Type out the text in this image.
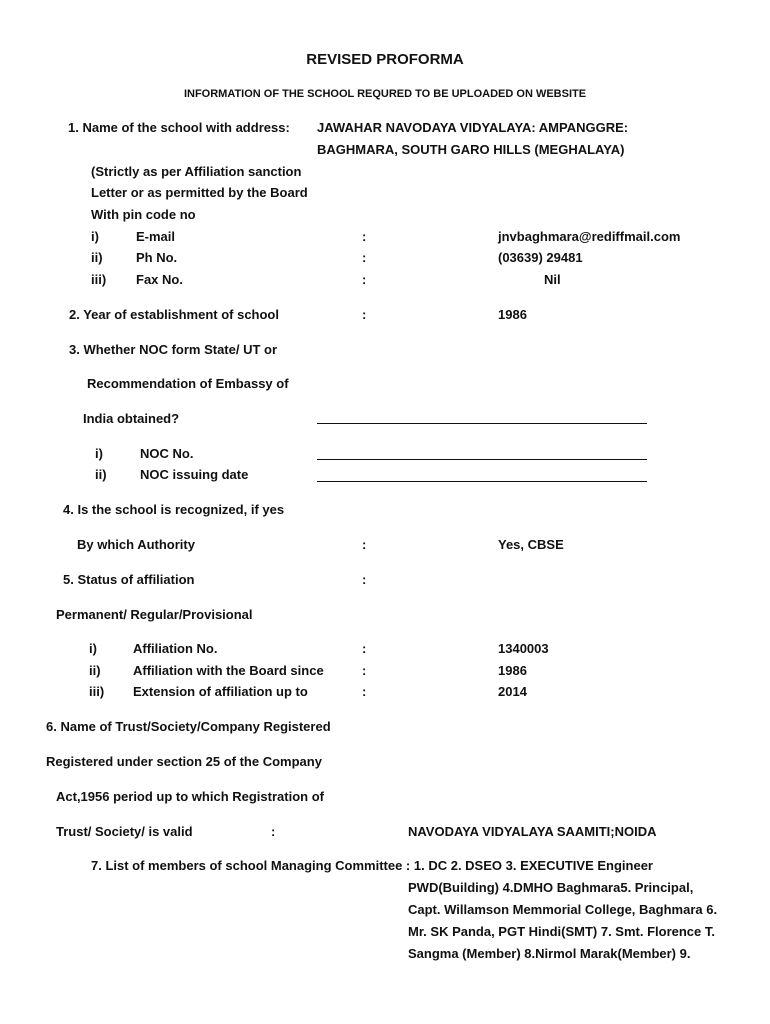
REVISED PROFORMA
INFORMATION OF THE SCHOOL REQURED TO BE UPLOADED ON WEBSITE
1. Name of the school with address: JAWAHAR NAVODAYA VIDYALAYA: AMPANGGRE:
BAGHMARA, SOUTH GARO HILLS (MEGHALAYA)
(Strictly as per Affiliation sanction
Letter or as permitted by the Board
With pin code no
i)	E-mail	:	jnvbaghmara@rediffmail.com
ii)	Ph No.	:	(03639) 29481
iii) Fax No.	:	Nil
2. Year of establishment of school	:	1986
3. Whether NOC form State/ UT or
Recommendation of Embassy of
India obtained?
i)	NOC No.
ii)	NOC issuing date
4. Is the school is recognized, if yes
By which Authority	:	Yes, CBSE
5. Status of affiliation	:
Permanent/ Regular/Provisional
i)	Affiliation No.	:	1340003
ii) Affiliation with the Board since	:	1986
iii) Extension of affiliation up to	:	2014
6. Name of Trust/Society/Company Registered
Registered under section 25 of the Company
Act,1956 period up to which Registration of
Trust/ Society/ is valid	:	NAVODAYA VIDYALAYA SAAMITI;NOIDA
7. List of members of school Managing Committee : 1. DC 2. DSEO 3. EXECUTIVE Engineer
PWD(Building) 4.DMHO Baghmara5. Principal,
Capt. Willamson Memmorial College, Baghmara 6.
Mr. SK Panda, PGT Hindi(SMT) 7. Smt. Florence T.
Sangma (Member) 8.Nirmol Marak(Member) 9.
